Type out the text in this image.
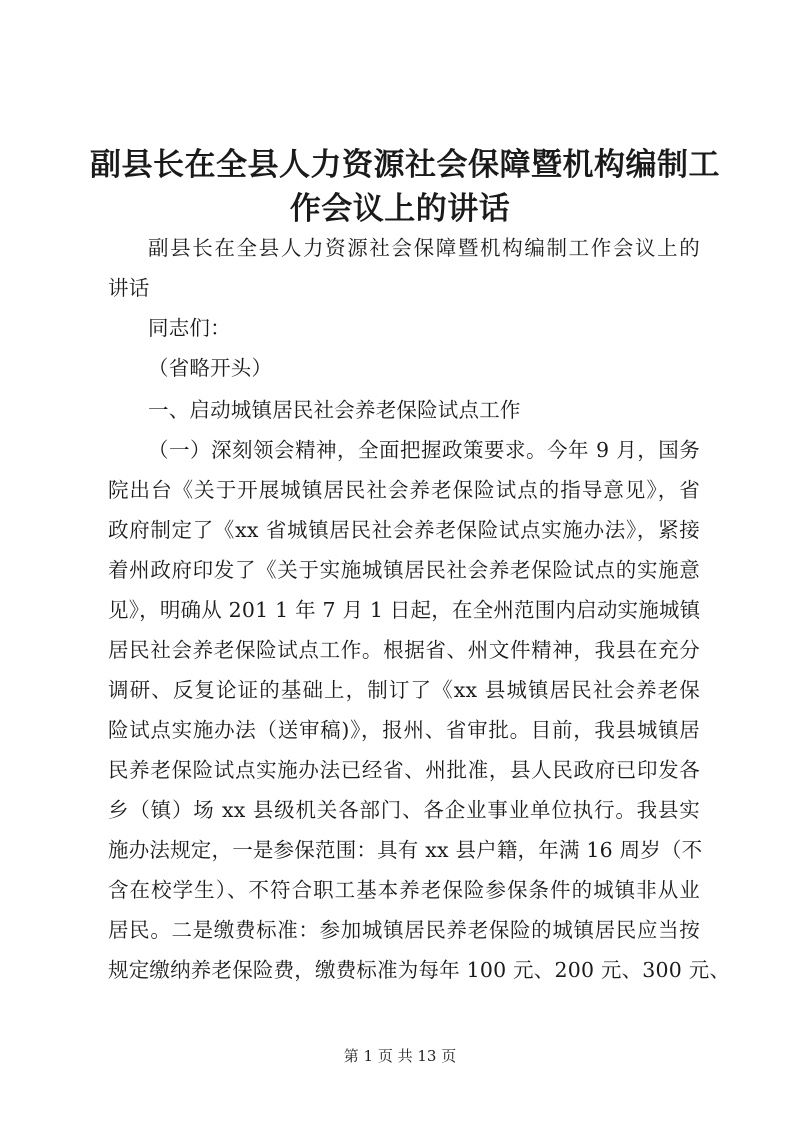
副县长在全县人力资源社会保障暨机构编制工
作会议上的讲话
副县长在全县人力资源社会保障暨机构编制工作会议上的
讲话
同志们：
（省略开头）
一、启动城镇居民社会养老保险试点工作
（一）深刻领会精神，全面把握政策要求。今年 9 月，国务
院出台《关于开展城镇居民社会养老保险试点的指导意见》，省
政府制定了《xx 省城镇居民社会养老保险试点实施办法》，紧接
着州政府印发了《关于实施城镇居民社会养老保险试点的实施意
见》，明确从 201 1 年 7 月 1 日起，在全州范围内启动实施城镇
居民社会养老保险试点工作。根据省、州文件精神，我县在充分
调研、反复论证的基础上，制订了《xx 县城镇居民社会养老保
险试点实施办法（送审稿)》，报州、省审批。目前，我县城镇居
民养老保险试点实施办法已经省、州批准，县人民政府已印发各
乡（镇）场 xx 县级机关各部门、各企业事业单位执行。我县实
施办法规定，一是参保范围：具有 xx 县户籍，年满 16 周岁（不
含在校学生）、不符合职工基本养老保险参保条件的城镇非从业
居民。二是缴费标准：参加城镇居民养老保险的城镇居民应当按
规定缴纳养老保险费，缴费标准为每年 100 元、200 元、300 元、
第 1 页 共 13 页
